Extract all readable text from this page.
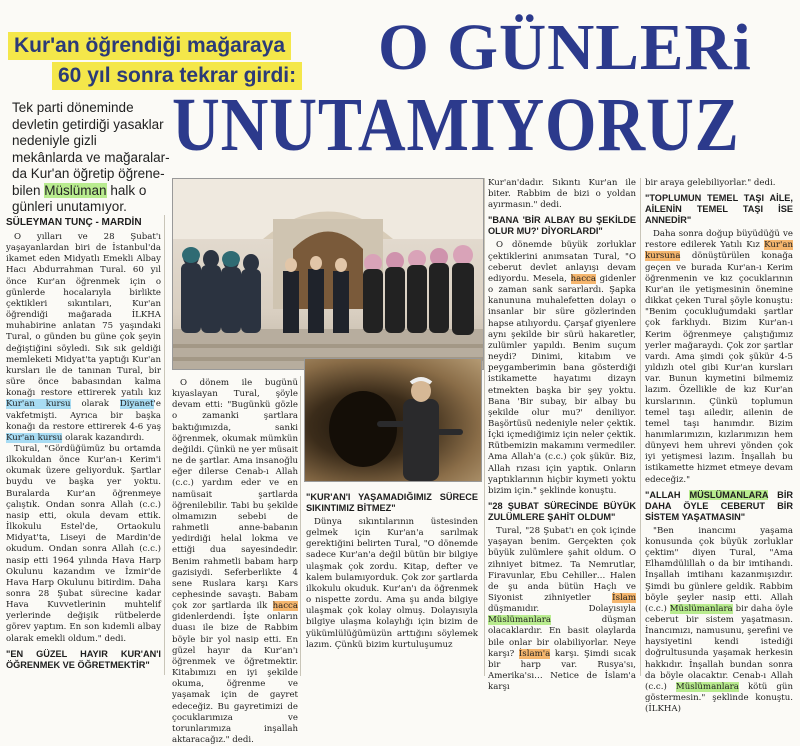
Kur'an öğrendiği mağaraya
60 yıl sonra tekrar girdi: O GÜNLERi
UNUTAMIYORUZ
Tek parti döneminde
devletin getirdiği yasaklar
nedeniyle gizli
mekânlarda ve mağaralar-
da Kur'an öğretip öğrene-
bilen Müslüman halk o
günleri unutamıyor.
SÜLEYMAN TUNÇ - MARDİN

O yılları ve 28 Şubat'ı yaşayanlardan biri de İstanbul'da ikamet eden Midyatlı Emekli Albay Hacı Abdurrahman Tural. 60 yıl önce Kur'an öğrenmek için o günlerde hocalarıyla birlikte çektikleri sıkıntıları, Kur'an öğrendiği mağarada İLKHA muhabirine anlatan 75 yaşındaki Tural, o günden bu güne çok şeyin değiştiğini söyledi. Sık sık geldiği memleketi Midyat'ta yaptığı Kur'an kursları ile de tanınan Tural, bir süre önce babasından kalma konağı restore ettirerek yatılı kız Kur'an kursu olarak Diyanet'e vakfetmişti. Ayrıca bir başka konağı da restore ettirerek 4-6 yaş Kur'an kursu olarak kazandırdı.

Tural, "Gördüğümüz bu ortamda ilkokuldan önce Kur'an-ı Kerim'i okumak üzere geliyorduk. Şartlar buydu ve başka yer yoktu. Buralarda Kur'an öğrenmeye çalıştık. Ondan sonra Allah (c.c.) nasip etti, okula devam ettik. İlkokulu Estel'de, Ortaokulu Midyat'ta, Liseyi de Mardin'de okudum. Ondan sonra Allah (c.c.) nasip etti 1964 yılında Hava Harp Okulunu kazandım ve İzmir'de Hava Harp Okulunu bitirdim. Daha sonra 28 Şubat sürecine kadar Hava Kuvvetlerinin muhtelif yerlerinde değişik rütbelerde görev yaptım. En son kıdemli albay olarak emekli oldum." dedi.

"EN GÜZEL HAYIR KUR'AN'I ÖĞRENMEK VE ÖĞRETMEKTİR"

O dönem ile bugünü kıyaslayan Tural, şöyle devam etti: "Bugünkü gözle o zamanki şartlara baktığımızda, sanki öğrenmek, okumak mümkün değildi. Çünkü ne yer müsait ne de şartlar. Ama insanoğlu eğer dilerse Cenab-ı Allah (c.c.) yardım eder ve en namüsait şartlarda öğrenilebilir. Tabi bu şekilde olmamızın sebebi de rahmetli anne-babanın yedirdiği helal lokma ve ettiği dua sayesindedir. Benim rahmetli babam harp gazisiydi. Seferberlikte 4 sene Ruslara karşı Kars cephesinde savaştı. Babam çok zor şartlarda ilk hacca gidenlerdendi. İşte onların duası ile bize de Rabbim böyle bir yol nasip etti. En güzel hayır da Kur'an'ı öğrenmek ve öğretmektir. Kitabımızı en iyi şekilde okuma, öğrenme ve yaşamak için de gayret edeceğiz. Bu gayretimizi de çocuklarımıza ve torunlarımıza inşallah aktaracağız." dedi.

"KUR'AN'I YAŞAMADIĞIMIZ SÜRECE SIKINTIMIZ BİTMEZ"

Dünya sıkıntılarının üstesinden gelmek için Kur'an'a sarılmak gerektiğini belirten Tural, "O dönemde sadece Kur'an'a değil bütün bir bilgiye ulaşmak çok zordu. Kitap, defter ve kalem bulamıyorduk. Çok zor şartlarda ilkokulu okuduk. Kur'an'ı da öğrenmek o nispette zordu. Ama şu anda bilgiye ulaşmak çok kolay olmuş. Dolayısıyla bilgiye ulaşma kolaylığı için bizim de yükümlülüğümüzün arttığını söylemek lazım. Çünkü bizim kurtuluşumuz

Kur'an'dadır. Sıkıntı Kur'an ile biter. Rabbim de bizi o yoldan ayırmasın." dedi.

"BANA 'BİR ALBAY BU ŞEKİLDE OLUR MU?' DİYORLARDI"

O dönemde büyük zorluklar çektiklerini anımsatan Tural, "O ceberut devlet anlayışı devam ediyordu. Mesela, hacca gidenler o zaman sank sararlardı. Şapka kanununa muhalefetten dolayı o insanlar bir süre gözlerinden hapse atılıyordu. Çarşaf giyenlere aynı şekilde bir sürü hakaretler, zulümler yapıldı. Benim suçum neydi? Dinimi, kitabım ve peygamberimin bana gösterdiği istikamette hayatımı dizayn etmekten başka bir şey yoktu. Bana 'Bir subay, bir albay bu şekilde olur mu?' deniliyor. Başörtüsü nedeniyle neler çektik. İçki içmediğimiz için neler çektik. Rütbemizin makamını vermediler. Ama Allah'a (c.c.) çok şükür. Biz, Allah rızası için yaptık. Onların yaptıklarının hiçbir kıymeti yoktu bizim için." şeklinde konuştu.

"28 ŞUBAT SÜRECİNDE BÜYÜK ZULÜMLERE ŞAHİT OLDUM"

Tural, "28 Şubat'ı en çok içinde yaşayan benim. Gerçekten çok büyük zulümlere şahit oldum. O zihniyet bitmez. Ta Nemrutlar, Firavunlar, Ebu Cehiller… Halen de şu anda bütün Haçlı ve Siyonist zihniyetler İslam düşmanıdır. Dolayısıyla Müslümanlara düşman olacaklardır. En basit olaylarda bile onlar bir olabiliyorlar. Neye karşı? İslam'a karşı. Şimdi sıcak bir harp var. Rusya'sı, Amerika'sı… Netice de İslam'a karşı

bir araya gelebiliyorlar." dedi.

"TOPLUMUN TEMEL TAŞI AİLE, AİLENİN TEMEL TAŞI İSE ANNEDİR"

Daha sonra doğup büyüdüğü ve restore edilerek Yatılı Kız Kur'an kursuna dönüştürülen konağa geçen ve burada Kur'an-ı Kerim öğrenmenin ve kız çocuklarının Kur'an ile yetişmesinin önemine dikkat çeken Tural şöyle konuştu: "Benim çocukluğumdaki şartlar çok farklıydı. Bizim Kur'an-ı Kerim öğrenmeye çalıştığımız yerler mağaraydı. Çok zor şartlar vardı. Ama şimdi çok şükür 4-5 yıldızlı otel gibi Kur'an kursları var. Bunun kıymetini bilmemiz lazım. Özellikle de kız Kur'an kurslarının. Çünkü toplumun temel taşı ailedir, ailenin de temel taşı hanımdır. Bizim hanımlarımızın, kızlarımızın hem dünyevi hem uhrevi yönden çok iyi yetişmesi lazım. İnşallah bu istikamette hizmet etmeye devam edeceğiz."

"ALLAH MÜSLÜMANLARA BİR DAHA ÖYLE CEBERUT BİR SİSTEM YAŞATMASIN"

"Ben inancımı yaşama konusunda çok büyük zorluklar çektim" diyen Tural, "Ama Elhamdülillah o da bir imtihandı. İnşallah imtihanı kazanmışızdır. Şimdi bu günlere geldik. Rabbim böyle şeyler nasip etti. Allah (c.c.) Müslümanlara bir daha öyle ceberut bir sistem yaşatmasın. İnancımızı, namusunu, şerefini ve haysiyetini kendi istediği doğrultusunda yaşamak herkesin hakkıdır. İnşallah bundan sonra da böyle olacaktır. Cenab-ı Allah (c.c.) Müslümanlara kötü gün göstermesin." şeklinde konuştu. (İLKHA)
